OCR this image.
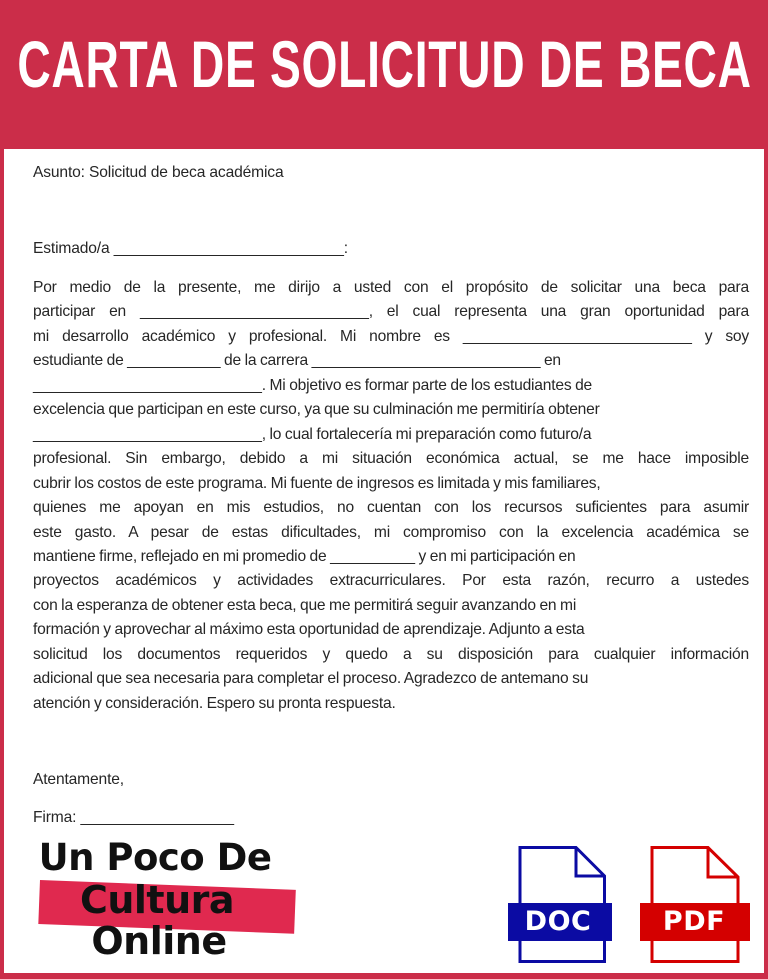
CARTA DE SOLICITUD DE BECA
Asunto: Solicitud de beca académica
Estimado/a ___________________________:
Por medio de la presente, me dirijo a usted con el propósito de solicitar una beca para
participar en ___________________________, el cual representa una gran oportunidad para
mi desarrollo académico y profesional. Mi nombre es ___________________________ y soy
estudiante de ___________ de la carrera ___________________________ en
___________________________. Mi objetivo es formar parte de los estudiantes de
excelencia que participan en este curso, ya que su culminación me permitiría obtener
___________________________, lo cual fortalecería mi preparación como futuro/a
profesional. Sin embargo, debido a mi situación económica actual, se me hace imposible
cubrir los costos de este programa. Mi fuente de ingresos es limitada y mis familiares,
quienes me apoyan en mis estudios, no cuentan con los recursos suficientes para asumir
este gasto. A pesar de estas dificultades, mi compromiso con la excelencia académica se
mantiene firme, reflejado en mi promedio de __________ y en mi participación en
proyectos académicos y actividades extracurriculares. Por esta razón, recurro a ustedes
con la esperanza de obtener esta beca, que me permitirá seguir avanzando en mi
formación y aprovechar al máximo esta oportunidad de aprendizaje. Adjunto a esta
solicitud los documentos requeridos y quedo a su disposición para cualquier información
adicional que sea necesaria para completar el proceso. Agradezco de antemano su
atención y consideración. Espero su pronta respuesta.
Atentamente,
Firma: __________________
Un Poco De
Cultura
Online	DOC	PDF
